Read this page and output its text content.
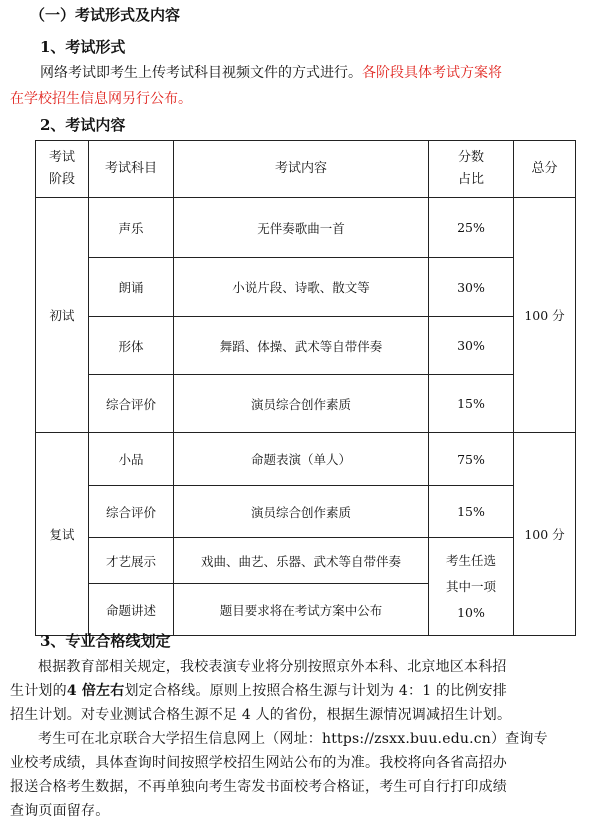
（一）考试形式及内容
1、考试形式
网络考试即考生上传考试科目视频文件的方式进行。各阶段具体考试方案将
在学校招生信息网另行公布。
2、考试内容
考试
阶段	考试科目	考试内容	分数
占比	总分
初试	声乐	无伴奏歌曲一首	25%	100 分
	朗诵	小说片段、诗歌、散文等	30%	
	形体	舞蹈、体操、武术等自带伴奏	30%	
	综合评价	演员综合创作素质	15%	
复试	小品	命题表演（单人）	75%	100 分
	综合评价	演员综合创作素质	15%	
	才艺展示	戏曲、曲艺、乐器、武术等自带伴奏	考生任选
其中一项
10%	
	命题讲述	题目要求将在考试方案中公布		
3、专业合格线划定
根据教育部相关规定，我校表演专业将分别按照京外本科、北京地区本科招
生计划的4 倍左右划定合格线。原则上按照合格生源与计划为 4：1 的比例安排
招生计划。对专业测试合格生源不足 4 人的省份，根据生源情况调减招生计划。
考生可在北京联合大学招生信息网上（网址：https://zsxx.buu.edu.cn）查询专
业校考成绩，具体查询时间按照学校招生网站公布的为准。我校将向各省高招办
报送合格考生数据，不再单独向考生寄发书面校考合格证，考生可自行打印成绩
查询页面留存。
